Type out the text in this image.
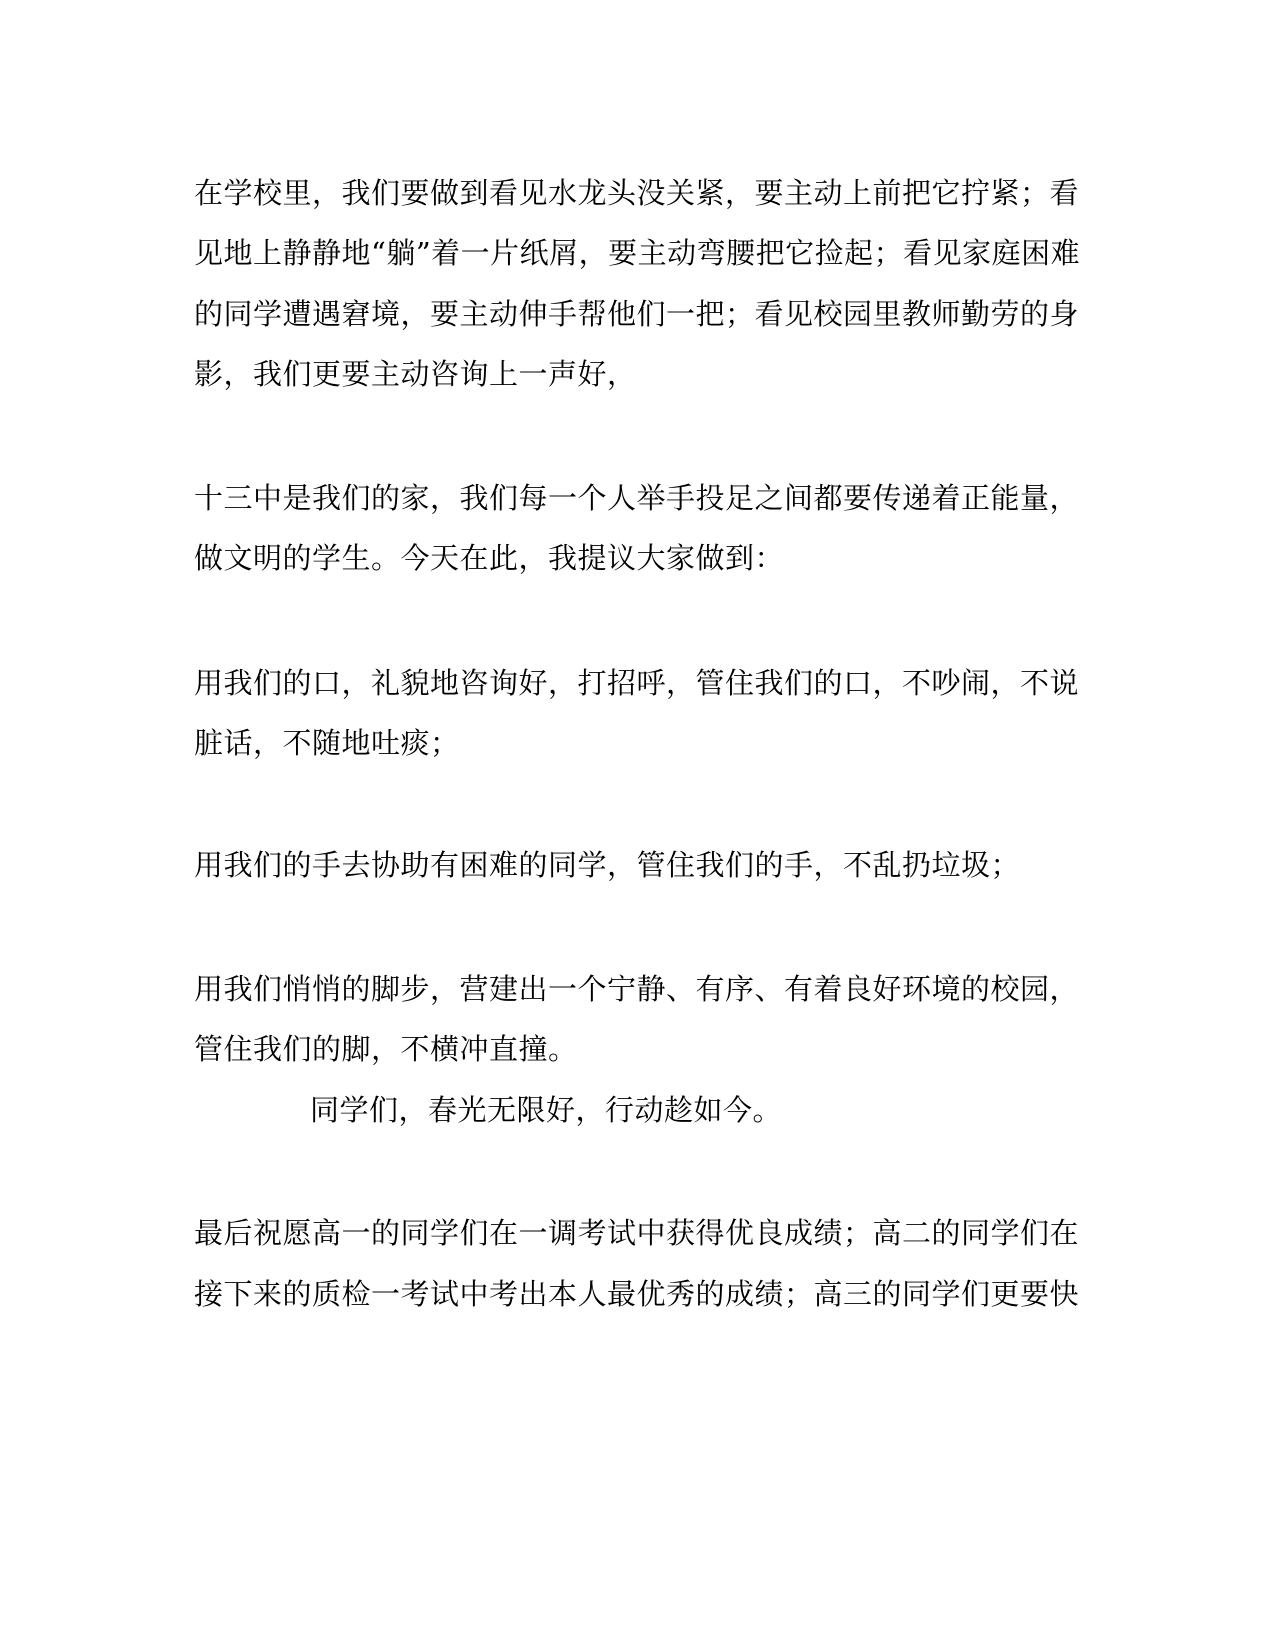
在学校里，我们要做到看见水龙头没关紧，要主动上前把它拧紧；看
见地上静静地“躺”着一片纸屑，要主动弯腰把它捡起；看见家庭困难
的同学遭遇窘境，要主动伸手帮他们一把；看见校园里教师勤劳的身
影，我们更要主动咨询上一声好，
十三中是我们的家，我们每一个人举手投足之间都要传递着正能量，
做文明的学生。今天在此，我提议大家做到：
用我们的口，礼貌地咨询好，打招呼，管住我们的口，不吵闹，不说
脏话，不随地吐痰；
用我们的手去协助有困难的同学，管住我们的手，不乱扔垃圾；
用我们悄悄的脚步，营建出一个宁静、有序、有着良好环境的校园，
管住我们的脚，不横冲直撞。
同学们，春光无限好，行动趁如今。
最后祝愿高一的同学们在一调考试中获得优良成绩；高二的同学们在
接下来的质检一考试中考出本人最优秀的成绩；高三的同学们更要快
